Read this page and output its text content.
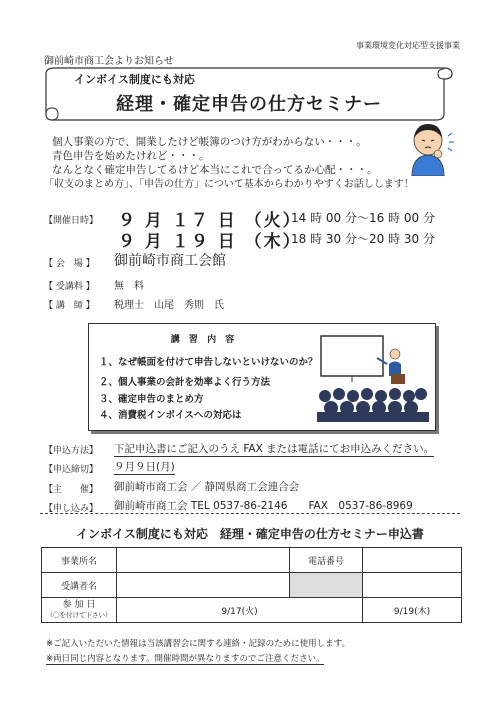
事業環境変化対応型支援事業
御前崎市商工会よりお知らせ
インボイス制度にも対応
経理・確定申告の仕方セミナー
個人事業の方で、開業したけど帳簿のつけ方がわからない・・・。
青色申告を始めたけれど・・・。
なんとなく確定申告してるけど本当にこれで合ってるか心配・・・。
「収支のまとめ方」、「申告の仕方」について基本からわかりやすくお話しします！
【開催日時】 ９ 月 １７ 日 （火）
14 時 00 分～16 時 00 分
９ 月 １９ 日 （木）
18 時 30 分～20 時 30 分
【 会　場 】 御前崎市商工会館
【 受講料 】 無　料
【 講　師 】 税理士　山尾　秀則　氏
講 習 内 容
１、なぜ帳面を付けて申告しないといけないのか？
２、個人事業の会計を効率よく行う方法
３、確定申告のまとめ方
４、消費税インボイスへの対応は
【申込方法】 下記申込書にご記入のうえ FAX または電話にてお申込みください。
【申込締切】 ９月９日(月)
【主　　催】 御前崎市商工会 ／ 静岡県商工会連合会
【申し込み】 御前崎市商工会 TEL 0537-86-2146　　FAX　0537-86-8969
インボイス制度にも対応　経理・確定申告の仕方セミナー申込書
事業所名		電話番号	
受講者名			

参 加 日
（〇を付けて下さい）	9/17(火)		9/19(木)
※ご記入いただいた情報は当該講習会に関する連絡・記録のために使用します。
※両日同じ内容となります。開催時間が異なりますのでご注意ください。
